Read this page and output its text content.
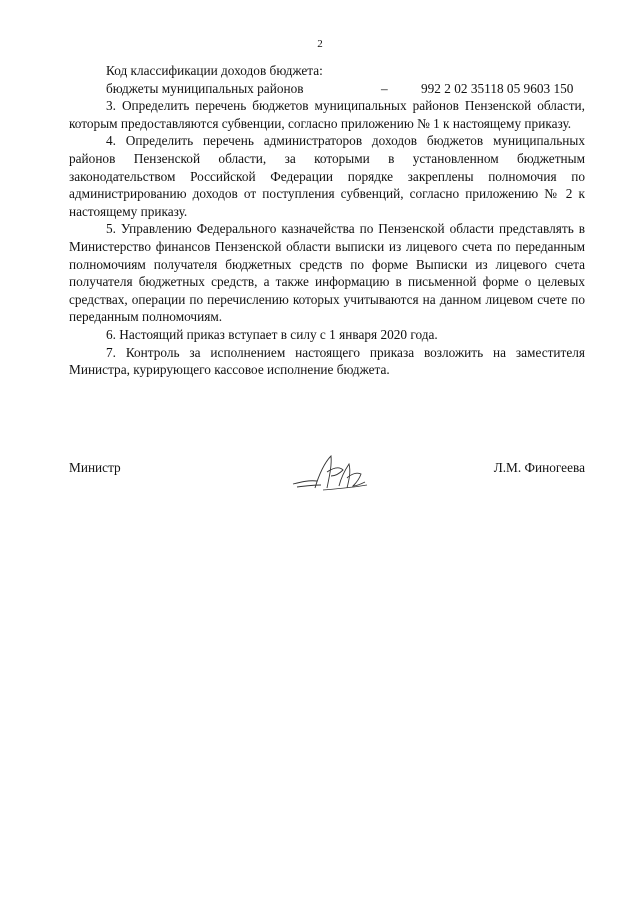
2
Код классификации доходов бюджета:
бюджеты муниципальных районов	–	992 2 02 35118 05 9603 150

3. Определить перечень бюджетов муниципальных районов Пензенской области, которым предоставляются субвенции, согласно приложению № 1 к настоящему приказу.

4. Определить перечень администраторов доходов бюджетов муниципальных районов Пензенской области, за которыми в установленном бюджетным законодательством Российской Федерации порядке закреплены полномочия по администрированию доходов от поступления субвенций, согласно приложению № 2 к настоящему приказу.

5. Управлению Федерального казначейства по Пензенской области представлять в Министерство финансов Пензенской области выписки из лицевого счета по переданным полномочиям получателя бюджетных средств по форме Выписки из лицевого счета получателя бюджетных средств, а также информацию в письменной форме о целевых средствах, операции по перечислению которых учитываются на данном лицевом счете по переданным полномочиям.

6. Настоящий приказ вступает в силу с 1 января 2020 года.

7. Контроль за исполнением настоящего приказа возложить на заместителя Министра, курирующего кассовое исполнение бюджета.

Министр	Л.М. Финогеева
